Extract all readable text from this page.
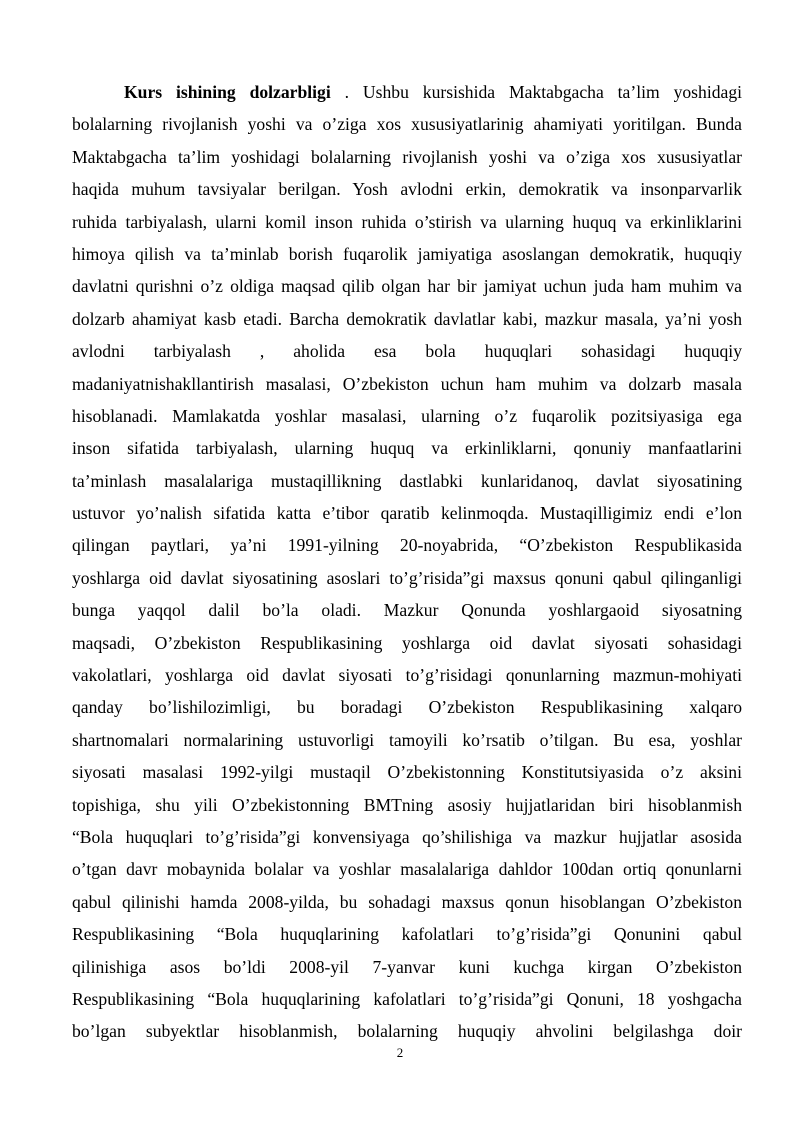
Kurs ishining dolzarbligi . Ushbu kursishida Maktabgacha ta’lim yoshidagi
bolalarning rivojlanish yoshi va o’ziga xos xususiyatlarinig ahamiyati yoritilgan. Bunda
Maktabgacha ta’lim yoshidagi bolalarning rivojlanish yoshi va o’ziga xos xususiyatlar
haqida muhum tavsiyalar berilgan. Yosh avlodni erkin, demokratik va insonparvarlik
ruhida tarbiyalash, ularni komil inson ruhida o’stirish va ularning huquq va erkinliklarini
himoya qilish va ta’minlab borish fuqarolik jamiyatiga asoslangan demokratik, huquqiy
davlatni qurishni o’z oldiga maqsad qilib olgan har bir jamiyat uchun juda ham muhim va
dolzarb ahamiyat kasb etadi. Barcha demokratik davlatlar kabi, mazkur masala, ya’ni yosh
avlodni tarbiyalash , aholida esa bola huquqlari sohasidagi huquqiy
madaniyatnishakllantirish masalasi, O’zbekiston uchun ham muhim va dolzarb masala
hisoblanadi. Mamlakatda yoshlar masalasi, ularning o’z fuqarolik pozitsiyasiga ega
inson sifatida tarbiyalash, ularning huquq va erkinliklarni, qonuniy manfaatlarini
ta’minlash masalalariga mustaqillikning dastlabki kunlaridanoq, davlat siyosatining
ustuvor yo’nalish sifatida katta e’tibor qaratib kelinmoqda. Mustaqilligimiz endi e’lon
qilingan paytlari, ya’ni 1991-yilning 20-noyabrida, “O’zbekiston Respublikasida
yoshlarga oid davlat siyosatining asoslari to’g’risida”gi maxsus qonuni qabul qilinganligi
bunga yaqqol dalil bo’la oladi. Mazkur Qonunda yoshlargaoid siyosatning
maqsadi, O’zbekiston Respublikasining yoshlarga oid davlat siyosati sohasidagi
vakolatlari, yoshlarga oid davlat siyosati to’g’risidagi qonunlarning mazmun-mohiyati
qanday bo’lishilozimligi, bu boradagi O’zbekiston Respublikasining xalqaro
shartnomalari normalarining ustuvorligi tamoyili ko’rsatib o’tilgan. Bu esa, yoshlar
siyosati masalasi 1992-yilgi mustaqil O’zbekistonning Konstitutsiyasida o’z aksini
topishiga, shu yili O’zbekistonning BMTning asosiy hujjatlaridan biri hisoblanmish
“Bola huquqlari to’g’risida”gi konvensiyaga qo’shilishiga va mazkur hujjatlar asosida
o’tgan davr mobaynida bolalar va yoshlar masalalariga dahldor 100dan ortiq qonunlarni
qabul qilinishi hamda 2008-yilda, bu sohadagi maxsus qonun hisoblangan O’zbekiston
Respublikasining “Bola huquqlarining kafolatlari to’g’risida”gi Qonunini qabul
qilinishiga asos bo’ldi 2008-yil 7-yanvar kuni kuchga kirgan O’zbekiston
Respublikasining “Bola huquqlarining kafolatlari to’g’risida”gi Qonuni, 18 yoshgacha
bo’lgan subyektlar hisoblanmish, bolalarning huquqiy ahvolini belgilashga doir
2
